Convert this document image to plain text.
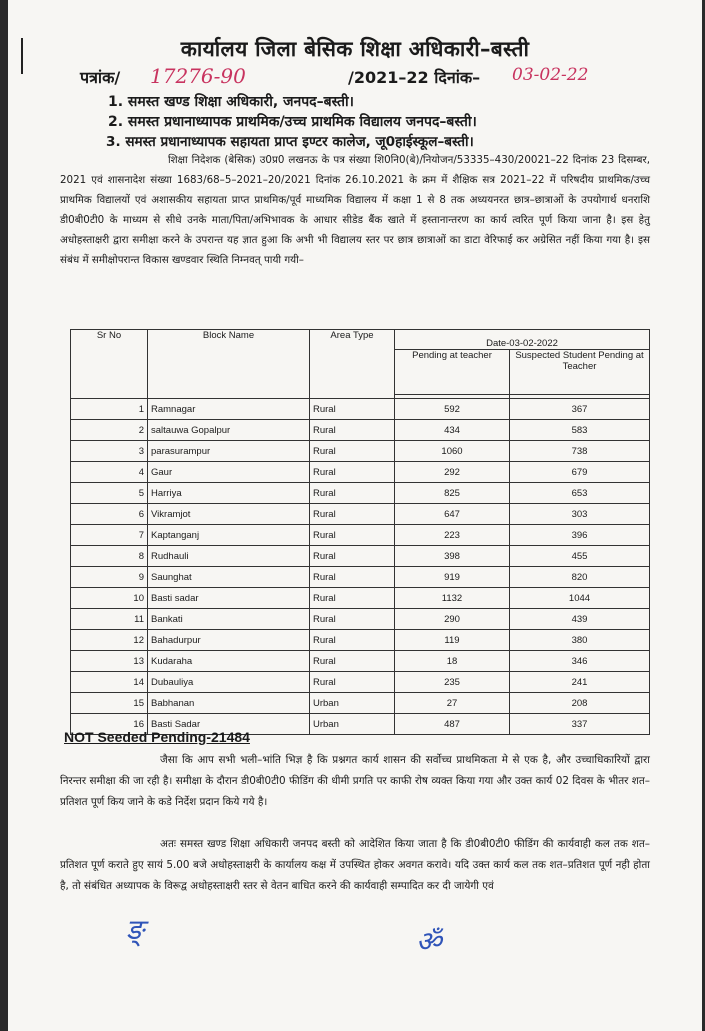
कार्यालय जिला बेसिक शिक्षा अधिकारी–बस्ती
पत्रांक/ 17276-90	/2021–22 दिनांक– 03-02-22
1. समस्त खण्ड शिक्षा अधिकारी, जनपद–बस्ती।
2. समस्त प्रधानाध्यापक प्राथमिक/उच्च प्राथमिक विद्यालय जनपद–बस्ती।
3. समस्त प्रधानाध्यापक सहायता प्राप्त इण्टर कालेज, जू0हाईस्कूल–बस्ती।
शिक्षा निदेशक (बेसिक) उ0प्र0 लखनऊ के पत्र संख्या शि0नि0(बे)/नियोजन/53335–430/20021–22 दिनांक 23 दिसम्बर, 2021 एवं शासनादेश संख्या 1683/68–5–2021–20/2021 दिनांक 26.10.2021 के क्रम में शैक्षिक सत्र 2021–22 में परिषदीय प्राथमिक/उच्च प्राथमिक विद्यालयों एवं अशासकीय सहायता प्राप्त प्राथमिक/पूर्व माध्यमिक विद्यालय में कक्षा 1 से 8 तक अध्ययनरत छात्र–छात्राओं के उपयोगार्थ धनराशि डी0बी0टी0 के माध्यम से सीधे उनके माता/पिता/अभिभावक के आधार सीडेड बैंक खाते में हस्तानान्तरण का कार्य त्वरित पूर्ण किया जाना है। इस हेतु अधोहस्ताक्षरी द्वारा समीक्षा करने के उपरान्त यह ज्ञात हुआ कि अभी भी विद्यालय स्तर पर छात्र छात्राओं का डाटा वेरिफाई कर अग्रेसित नहीं किया गया है। इस संबंध में समीक्षोपरान्त विकास खण्डवार स्थिति निम्नवत् पायी गयी–
Sr No	Block Name	Area Type	Date-03-02-2022	
			Pending at teacher	Suspected Student Pending at Teacher

1	Ramnagar	Rural	592	367
2	saltauwa Gopalpur	Rural	434	583
3	parasurampur	Rural	1060	738
4	Gaur	Rural	292	679
5	Harriya	Rural	825	653
6	Vikramjot	Rural	647	303
7	Kaptanganj	Rural	223	396
8	Rudhauli	Rural	398	455
9	Saunghat	Rural	919	820
10	Basti sadar	Rural	1132	1044
11	Bankati	Rural	290	439
12	Bahadurpur	Rural	119	380
13	Kudaraha	Rural	18	346
14	Dubauliya	Rural	235	241
15	Babhanan	Urban	27	208
16	Basti Sadar	Urban	487	337
NOT Seeded Pending-21484
जैसा कि आप सभी भली–भांति भिज्ञ है कि प्रश्नगत कार्य शासन की सर्वोच्च प्राथमिकता मे से एक है, और उच्चाधिकारियों द्वारा निरन्तर समीक्षा की जा रही है। समीक्षा के दौरान डी0बी0टी0 फीडिंग की धीमी प्रगति पर काफी रोष व्यक्त किया गया और उक्त कार्य 02 दिवस के भीतर शत–प्रतिशत पूर्ण किय जाने के कडे निर्देश प्रदान किये गये है।
अतः समस्त खण्ड शिक्षा अधिकारी जनपद बस्ती को आदेशित किया जाता है कि डी0बी0टी0 फीडिंग की कार्यवाही कल तक शत–प्रतिशत पूर्ण कराते हुए सायं 5.00 बजे अधोहस्ताक्षरी के कार्यालय कक्ष में उपस्थित होकर अवगत करावे। यदि उक्त कार्य कल तक शत–प्रतिशत पूर्ण नही होता है, तो संबंधित अध्यापक के विरूद्व अधोहस्ताक्षरी स्तर से वेतन बाधित करने की कार्यवाही सम्पादित कर दी जायेगी एवं
ङ्	ॐ
